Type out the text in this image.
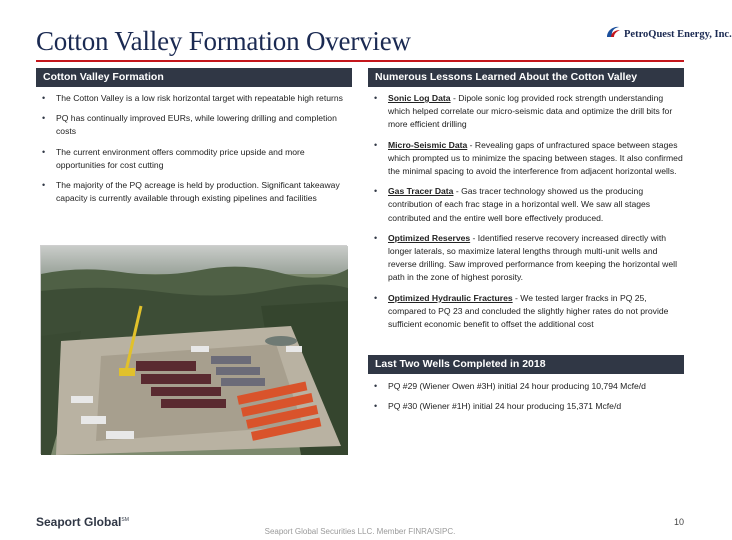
Cotton Valley Formation Overview	PetroQuest Energy, Inc.
Cotton Valley Formation
• The Cotton Valley is a low risk horizontal target with repeatable high returns
• PQ has continually improved EURs, while lowering drilling and completion costs
• The current environment offers commodity price upside and more opportunities for cost cutting
• The majority of the PQ acreage is held by production. Significant takeaway capacity is currently available through existing pipelines and facilities
Numerous Lessons Learned About the Cotton Valley
• Sonic Log Data - Dipole sonic log provided rock strength understanding which helped correlate our micro-seismic data and optimize the drill bits for more efficient drilling
• Micro-Seismic Data - Revealing gaps of unfractured space between stages which prompted us to minimize the spacing between stages. It also confirmed the minimal spacing to avoid the interference from adjacent horizontal wells.
• Gas Tracer Data - Gas tracer technology showed us the producing contribution of each frac stage in a horizontal well. We saw all stages contributed and the entire well bore effectively produced.
• Optimized Reserves - Identified reserve recovery increased directly with longer laterals, so maximize lateral lengths through multi-unit wells and reverse drilling. Saw improved performance from keeping the horizontal well path in the zone of highest porosity.
• Optimized Hydraulic Fractures - We tested larger fracks in PQ 25, compared to PQ 23 and concluded the slightly higher rates do not provide sufficient economic benefit to offset the additional cost
Last Two Wells Completed in 2018
• PQ #29 (Wiener Owen #3H) initial 24 hour producing 10,794 Mcfe/d
• PQ #30 (Wiener #1H) initial 24 hour producing 15,371 Mcfe/d
Seaport Global℠
Seaport Global Securities LLC. Member FINRA/SIPC.
10
